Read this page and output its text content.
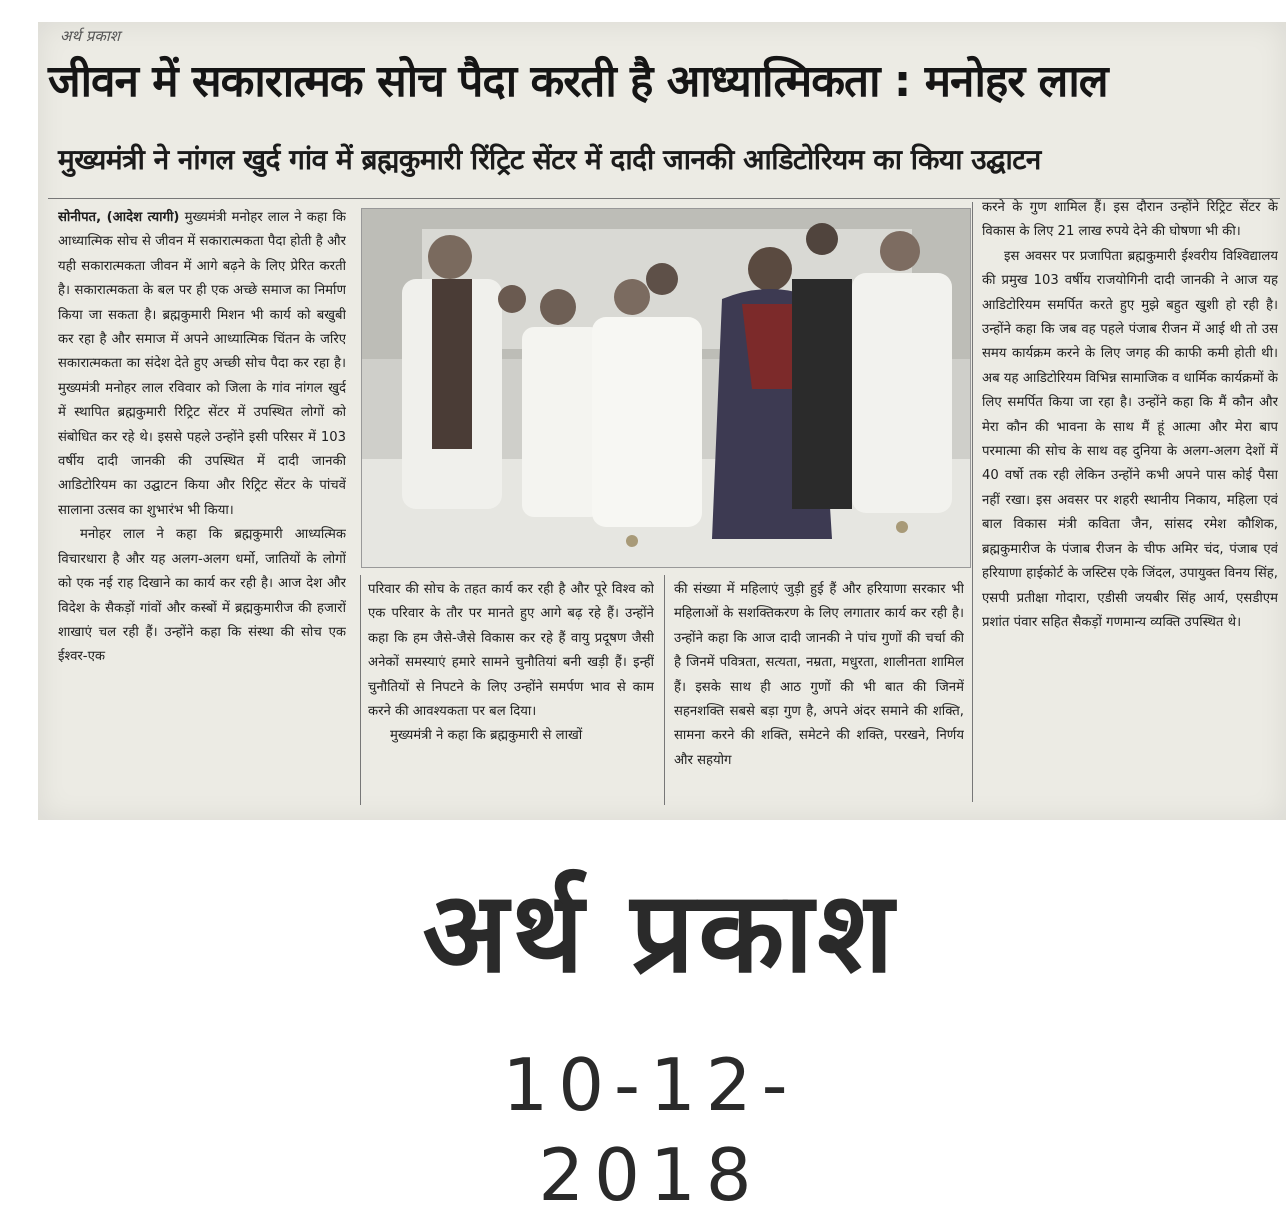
अर्थ प्रकाश
जीवन में सकारात्मक सोच पैदा करती है आध्यात्मिकता : मनोहर लाल
मुख्यमंत्री ने नांगल खुर्द गांव में ब्रह्मकुमारी रिंट्रिट सेंटर में दादी जानकी आडिटोरियम का किया उद्घाटन

सोनीपत, (आदेश त्यागी) मुख्यमंत्री मनोहर लाल ने कहा कि आध्यात्मिक सोच से जीवन में सकारात्मकता पैदा होती है और यही सकारात्मकता जीवन में आगे बढ़ने के लिए प्रेरित करती है। सकारात्मकता के बल पर ही एक अच्छे समाज का निर्माण किया जा सकता है। ब्रह्मकुमारी मिशन भी कार्य को बखुबी कर रहा है और समाज में अपने आध्यात्मिक चिंतन के जरिए सकारात्मकता का संदेश देते हुए अच्छी सोच पैदा कर रहा है। मुख्यमंत्री मनोहर लाल रविवार को जिला के गांव नांगल खुर्द में स्थापित ब्रह्मकुमारी रिट्रिट सेंटर में उपस्थित लोगों को संबोधित कर रहे थे। इससे पहले उन्होंने इसी परिसर में 103 वर्षीय दादी जानकी की उपस्थित में दादी जानकी आडिटोरियम का उद्घाटन किया और रिट्रिट सेंटर के पांचवें सालाना उत्सव का शुभारंभ भी किया।

मनोहर लाल ने कहा कि ब्रह्मकुमारी आध्यत्मिक विचारधारा है और यह अलग-अलग धर्मो, जातियों के लोगों को एक नई राह दिखाने का कार्य कर रही है। आज देश और विदेश के सैकड़ों गांवों और कस्बों में ब्रह्मकुमारीज की हजारों शाखाएं चल रही हैं। उन्होंने कहा कि संस्था की सोच एक ईश्वर-एक

परिवार की सोच के तहत कार्य कर रही है और पूरे विश्व को एक परिवार के तौर पर मानते हुए आगे बढ़ रहे हैं। उन्होंने कहा कि हम जैसे-जैसे विकास कर रहे हैं वायु प्रदूषण जैसी अनेकों समस्याएं हमारे सामने चुनौतियां बनी खड़ी हैं। इन्हीं चुनौतियों से निपटने के लिए उन्होंने समर्पण भाव से काम करने की आवश्यकता पर बल दिया।

मुख्यमंत्री ने कहा कि ब्रह्मकुमारी से लाखों

की संख्या में महिलाएं जुड़ी हुई हैं और हरियाणा सरकार भी महिलाओं के सशक्तिकरण के लिए लगातार कार्य कर रही है। उन्होंने कहा कि आज दादी जानकी ने पांच गुणों की चर्चा की है जिनमें पवित्रता, सत्यता, नम्रता, मधुरता, शालीनता शामिल हैं। इसके साथ ही आठ गुणों की भी बात की जिनमें सहनशक्ति सबसे बड़ा गुण है, अपने अंदर समाने की शक्ति, सामना करने की शक्ति, समेटने की शक्ति, परखने, निर्णय और सहयोग

करने के गुण शामिल हैं। इस दौरान उन्होंने रिट्रिट सेंटर के विकास के लिए 21 लाख रुपये देने की घोषणा भी की।

इस अवसर पर प्रजापिता ब्रह्मकुमारी ईश्वरीय विश्विद्यालय की प्रमुख 103 वर्षीय राजयोगिनी दादी जानकी ने आज यह आडिटोरियम समर्पित करते हुए मुझे बहुत खुशी हो रही है। उन्होंने कहा कि जब वह पहले पंजाब रीजन में आई थी तो उस समय कार्यक्रम करने के लिए जगह की काफी कमी होती थी। अब यह आडिटोरियम विभिन्न सामाजिक व धार्मिक कार्यक्रमों के लिए समर्पित किया जा रहा है। उन्होंने कहा कि मैं कौन और मेरा कौन की भावना के साथ मैं हूं आत्मा और मेरा बाप परमात्मा की सोच के साथ वह दुनिया के अलग-अलग देशों में 40 वर्षो तक रही लेकिन उन्होंने कभी अपने पास कोई पैसा नहीं रखा। इस अवसर पर शहरी स्थानीय निकाय, महिला एवं बाल विकास मंत्री कविता जैन, सांसद रमेश कौशिक, ब्रह्मकुमारीज के पंजाब रीजन के चीफ अमिर चंद, पंजाब एवं हरियाणा हाईकोर्ट के जस्टिस एके जिंदल, उपायुक्त विनय सिंह, एसपी प्रतीक्षा गोदारा, एडीसी जयबीर सिंह आर्य, एसडीएम प्रशांत पंवार सहित सैकड़ों गणमान्य व्यक्ति उपस्थित थे।

अर्थ प्रकाश
10-12-2018
